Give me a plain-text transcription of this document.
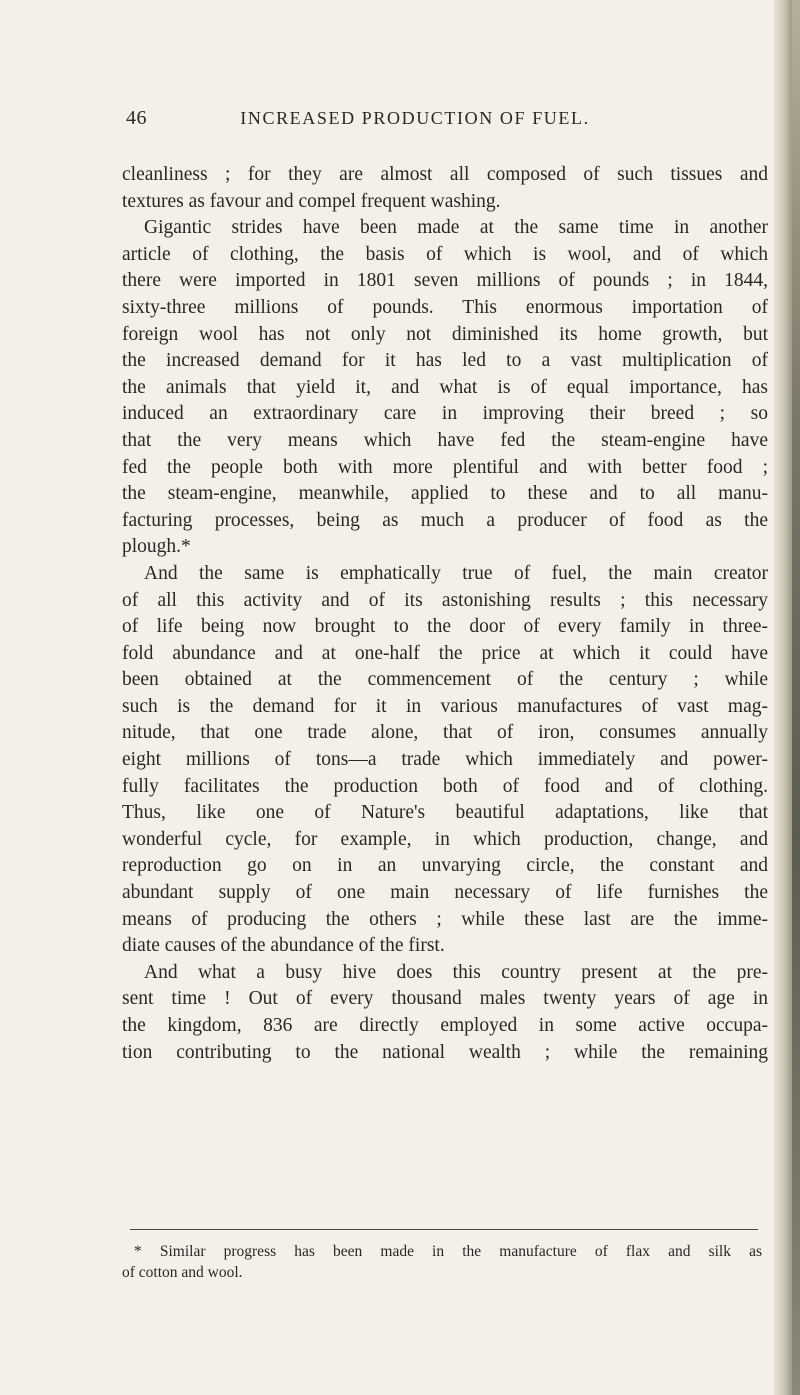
46	INCREASED PRODUCTION OF FUEL.
cleanliness ; for they are almost all composed of such tissues and
textures as favour and compel frequent washing.
Gigantic strides have been made at the same time in another
article of clothing, the basis of which is wool, and of which
there were imported in 1801 seven millions of pounds ; in 1844,
sixty-three millions of pounds. This enormous importation of
foreign wool has not only not diminished its home growth, but
the increased demand for it has led to a vast multiplication of
the animals that yield it, and what is of equal importance, has
induced an extraordinary care in improving their breed ; so
that the very means which have fed the steam-engine have
fed the people both with more plentiful and with better food ;
the steam-engine, meanwhile, applied to these and to all manu-
facturing processes, being as much a producer of food as the
plough.*
And the same is emphatically true of fuel, the main creator
of all this activity and of its astonishing results ; this necessary
of life being now brought to the door of every family in three-
fold abundance and at one-half the price at which it could have
been obtained at the commencement of the century ; while
such is the demand for it in various manufactures of vast mag-
nitude, that one trade alone, that of iron, consumes annually
eight millions of tons—a trade which immediately and power-
fully facilitates the production both of food and of clothing.
Thus, like one of Nature's beautiful adaptations, like that
wonderful cycle, for example, in which production, change, and
reproduction go on in an unvarying circle, the constant and
abundant supply of one main necessary of life furnishes the
means of producing the others ; while these last are the imme-
diate causes of the abundance of the first.
And what a busy hive does this country present at the pre-
sent time ! Out of every thousand males twenty years of age in
the kingdom, 836 are directly employed in some active occupa-
tion contributing to the national wealth ; while the remaining
* Similar progress has been made in the manufacture of flax and silk as
of cotton and wool.
